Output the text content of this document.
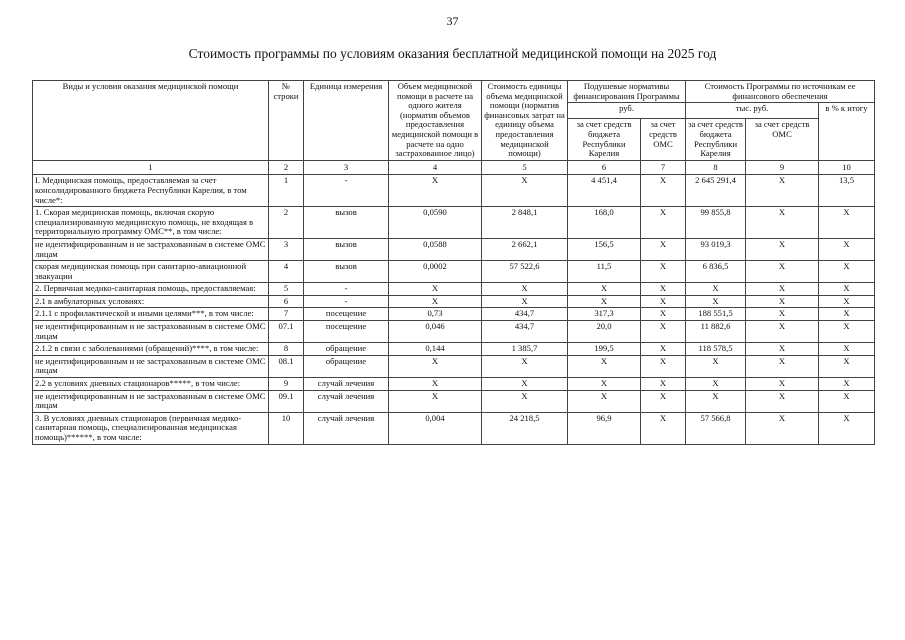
37
Стоимость программы по условиям оказания бесплатной медицинской помощи на 2025 год
Виды и условия оказания медицинской помощи	№ строки	Единица измерения	Объем медицинской помощи в расчете на одного жителя (норматив объемов предоставления медицинской помощи в расчете на одно застрахованное лицо)	Стоимость единицы объема медицинской помощи (норматив финансовых затрат на единицу объема предоставления медицинской помощи)	Подушевые нормативы финансирования Программы		Стоимость Программы по источникам ее финансового обеспечения		
					руб.		тыс. руб.		в % к итогу
					за счет средств бюджета Республики Карелия	за счет средств ОМС	за счет средств бюджета Республики Карелия	за счет средств ОМС	
1	2	3	4	5	6	7	8	9	10
I. Медицинская помощь, предоставляемая за счет консолидированного бюджета Республики Карелия, в том числе*:	1	-	X	X	4 451,4	X	2 645 291,4	X	13,5
1. Скорая медицинская помощь, включая скорую специализированную медицинскую помощь, не входящая в территориальную программу ОМС**, в том числе:	2	вызов	0,0590	2 848,1	168,0	X	99 855,8	X	X
не идентифицированным и не застрахованным в системе ОМС лицам	3	вызов	0,0588	2 662,1	156,5	X	93 019,3	X	X
скорая медицинская помощь при санитарно-авиационной эвакуации	4	вызов	0,0002	57 522,6	11,5	X	6 836,5	X	X
2. Первичная медико-санитарная помощь, предоставляемая:	5	-	X	X	X	X	X	X	X
2.1 в амбулаторных условиях:	6	-	X	X	X	X	X	X	X
2.1.1 с профилактической и иными целями***, в том числе:	7	посещение	0,73	434,7	317,3	X	188 551,5	X	X
не идентифицированным и не застрахованным в системе ОМС лицам	07.1	посещение	0,046	434,7	20,0	X	11 882,6	X	X
2.1.2 в связи с заболеваниями (обращений)****, в том числе:	8	обращение	0,144	1 385,7	199,5	X	118 578,5	X	X
не идентифицированным и не застрахованным в системе ОМС лицам	08.1	обращение	X	X	X	X	X	X	X
2.2 в условиях дневных стационаров*****, в том числе:	9	случай лечения	X	X	X	X	X	X	X
не идентифицированным и не застрахованным в системе ОМС лицам	09.1	случай лечения	X	X	X	X	X	X	X
3. В условиях дневных стационаров (первичная медико-санитарная помощь, специализированная медицинская помощь)******, в том числе:	10	случай лечения	0,004	24 218,5	96,9	X	57 566,8	X	X
